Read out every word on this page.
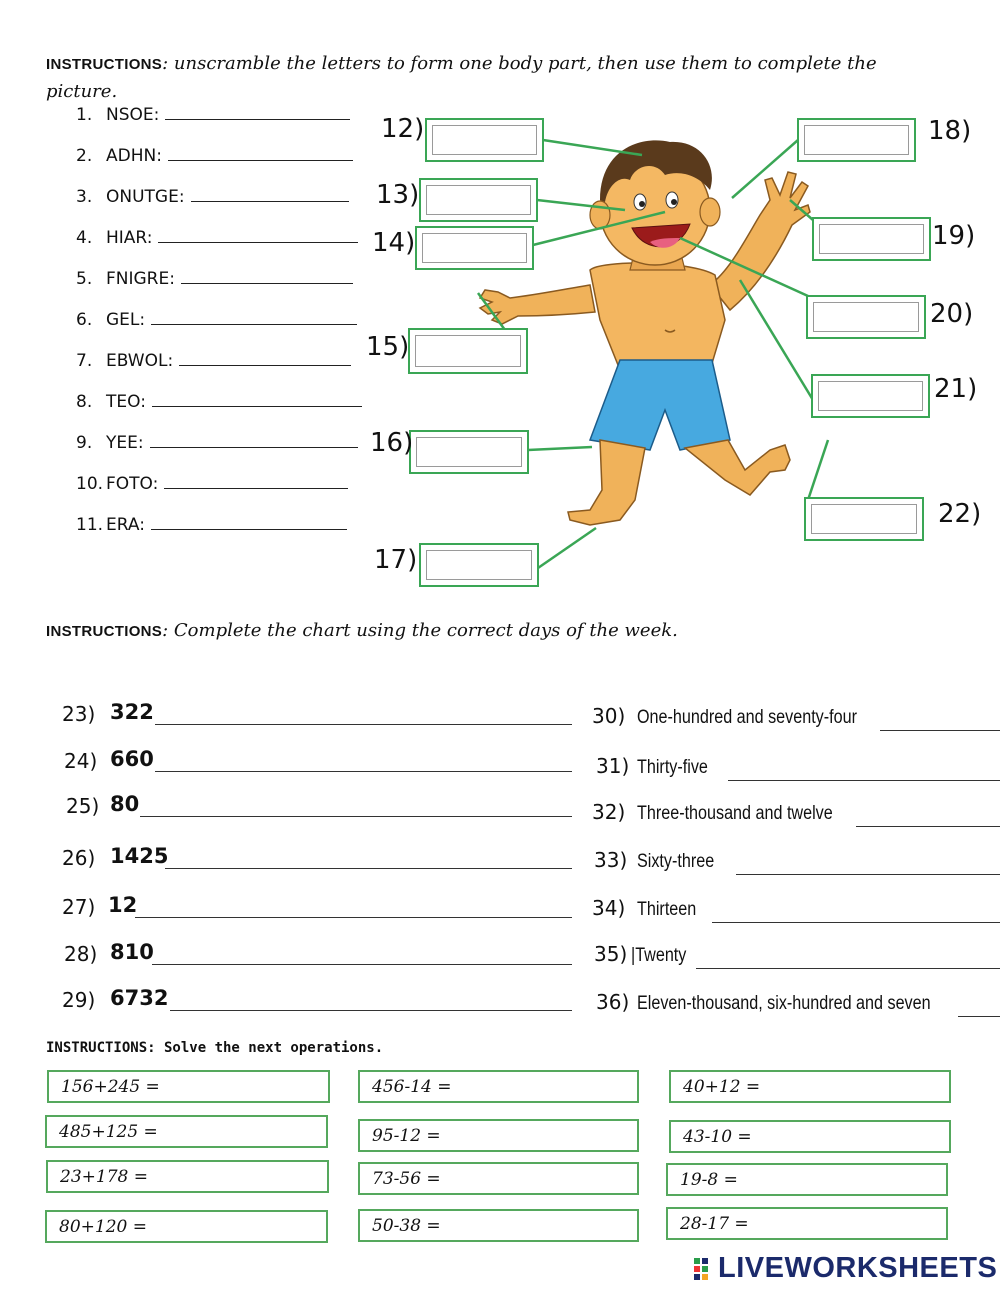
INSTRUCTIONS: unscramble the letters to form one body part, then use them to complete the picture.
1. NSOE:
2. ADHN:
3. ONUTGE:
4. HIAR:
5. FNIGRE:
6. GEL:
7. EBWOL:
8. TEO:
9. YEE:
10. FOTO:
11. ERA:
12)
13)
14)
15)
16)
17)
18)
19)
20)
21)
22)
INSTRUCTIONS: Complete the chart using the correct days of the week.
23) 322
24) 660
25) 80
26) 1425
27) 12
28) 810
29) 6732
30) One-hundred and seventy-four
31) Thirty-five
32) Three-thousand and twelve
33) Sixty-three
34) Thirteen
35) |Twenty
36) Eleven-thousand, six-hundred and seven
INSTRUCTIONS: Solve the next operations.
156+245 =
485+125 =
23+178 =
80+120 =
456-14 =
95-12 =
73-56 =
50-38 =
40+12 =
43-10 =
19-8 =
28-17 =
LIVEWORKSHEETS
